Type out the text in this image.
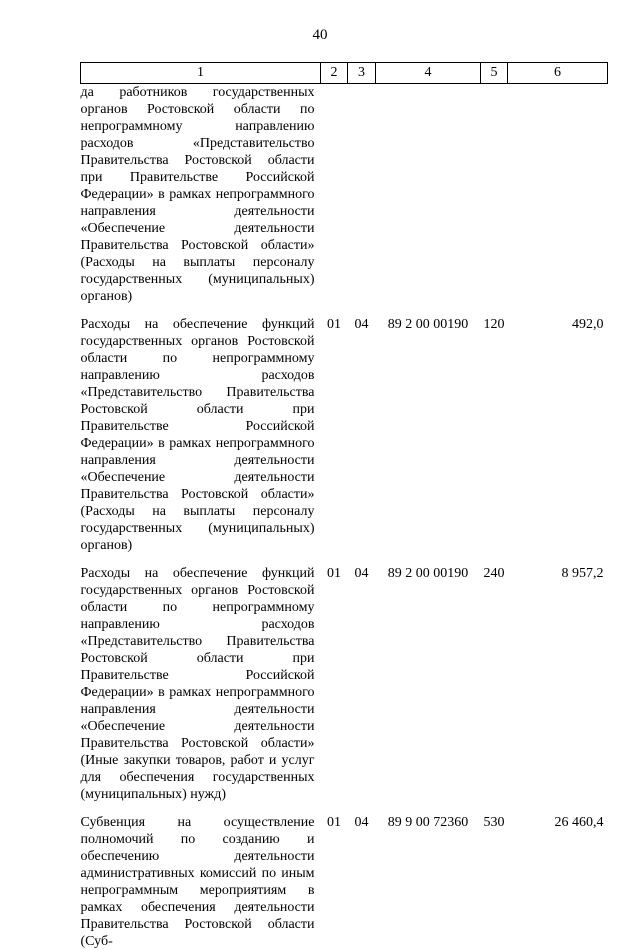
40
1	2	3	4	5	6
да работников государственных органов Ростовской области по непрограммному направлению расходов «Представительство Правительства Ростовской области при Правительстве Российской Федерации» в рамках непрограммного направления деятельности «Обеспечение деятельности Правительства Ростовской области» (Расходы на выплаты персоналу государственных (муниципальных) органов)					
Расходы на обеспечение функций государственных органов Ростовской области по непрограммному направлению расходов «Представительство Правительства Ростовской области при Правительстве Российской Федерации» в рамках непрограммного направления деятельности «Обеспечение деятельности Правительства Ростовской области» (Расходы на выплаты персоналу государственных (муниципальных) органов)	01	04	89 2 00 00190	120	492,0
Расходы на обеспечение функций государственных органов Ростовской области по непрограммному направлению расходов «Представительство Правительства Ростовской области при Правительстве Российской Федерации» в рамках непрограммного направления деятельности «Обеспечение деятельности Правительства Ростовской области» (Иные закупки товаров, работ и услуг для обеспечения государственных (муниципальных) нужд)	01	04	89 2 00 00190	240	8 957,2
Субвенция на осуществление полномочий по созданию и обеспечению деятельности административных комиссий по иным непрограммным мероприятиям в рамках обеспечения деятельности Правительства Ростовской области (Суб-	01	04	89 9 00 72360	530	26 460,4
